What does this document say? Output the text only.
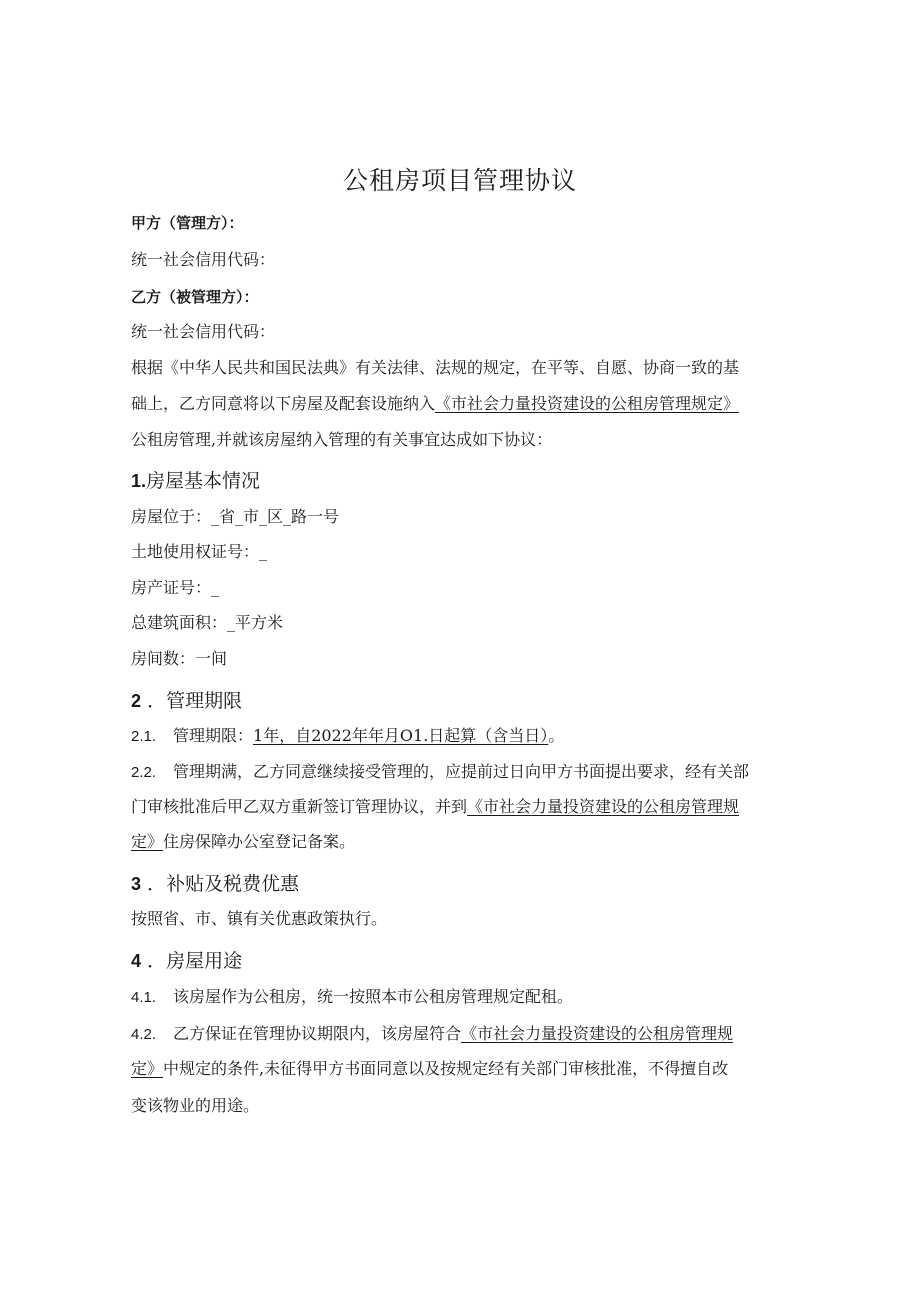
公租房项目管理协议
甲方（管理方）：
统一社会信用代码：
乙方（被管理方）：
统一社会信用代码：
根据《中华人民共和国民法典》有关法律、法规的规定，在平等、自愿、协商一致的基
础上，乙方同意将以下房屋及配套设施纳入《市社会力量投资建设的公租房管理规定》
公租房管理,并就该房屋纳入管理的有关事宜达成如下协议：
1.房屋基本情况
房屋位于：_省_市_区_路一号
土地使用权证号：_
房产证号：_
总建筑面积：_平方米
房间数：一间
2 ．管理期限
2.1. 管理期限：1年，自2022年年月O1.日起算（含当日）。
2.2. 管理期满，乙方同意继续接受管理的，应提前过日向甲方书面提出要求，经有关部
门审核批准后甲乙双方重新签订管理协议，并到《市社会力量投资建设的公租房管理规
定》住房保障办公室登记备案。
3 ．补贴及税费优惠
按照省、市、镇有关优惠政策执行。
4 ．房屋用途
4.1. 该房屋作为公租房，统一按照本市公租房管理规定配租。
4.2. 乙方保证在管理协议期限内，该房屋符合《市社会力量投资建设的公租房管理规
定》中规定的条件,未征得甲方书面同意以及按规定经有关部门审核批准，不得擅自改
变该物业的用途。
